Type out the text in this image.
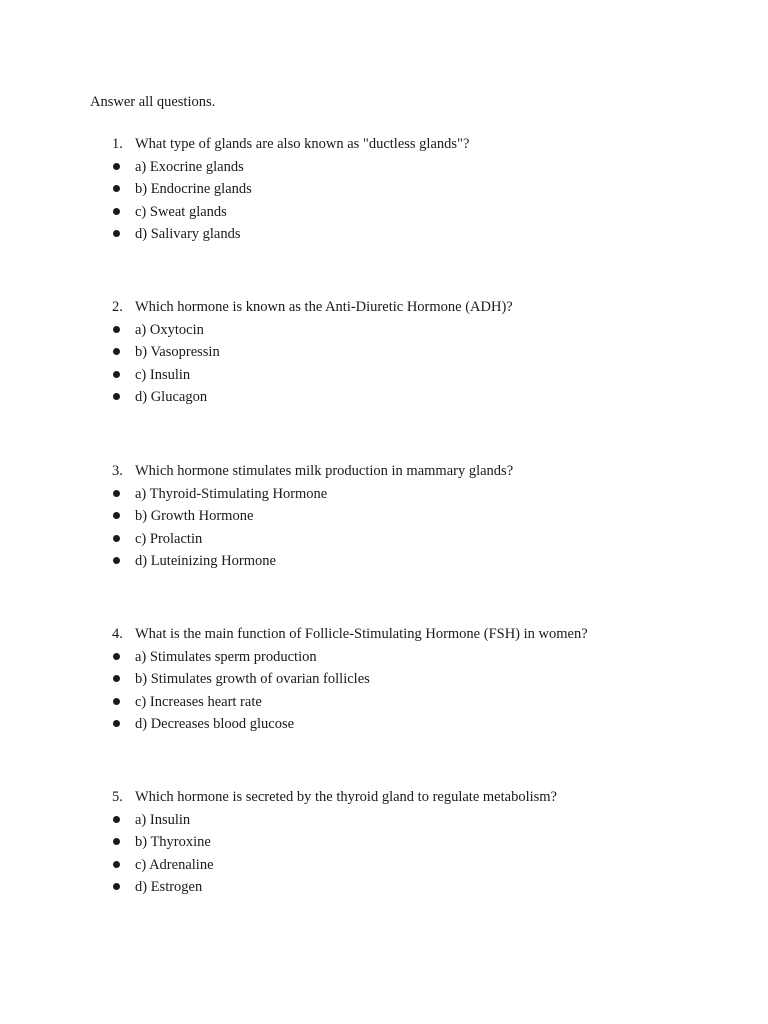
Answer all questions.
1. What type of glands are also known as "ductless glands"?
a) Exocrine glands
b) Endocrine glands
c) Sweat glands
d) Salivary glands
2. Which hormone is known as the Anti-Diuretic Hormone (ADH)?
a) Oxytocin
b) Vasopressin
c) Insulin
d) Glucagon
3. Which hormone stimulates milk production in mammary glands?
a) Thyroid-Stimulating Hormone
b) Growth Hormone
c) Prolactin
d) Luteinizing Hormone
4. What is the main function of Follicle-Stimulating Hormone (FSH) in women?
a) Stimulates sperm production
b) Stimulates growth of ovarian follicles
c) Increases heart rate
d) Decreases blood glucose
5. Which hormone is secreted by the thyroid gland to regulate metabolism?
a) Insulin
b) Thyroxine
c) Adrenaline
d) Estrogen
